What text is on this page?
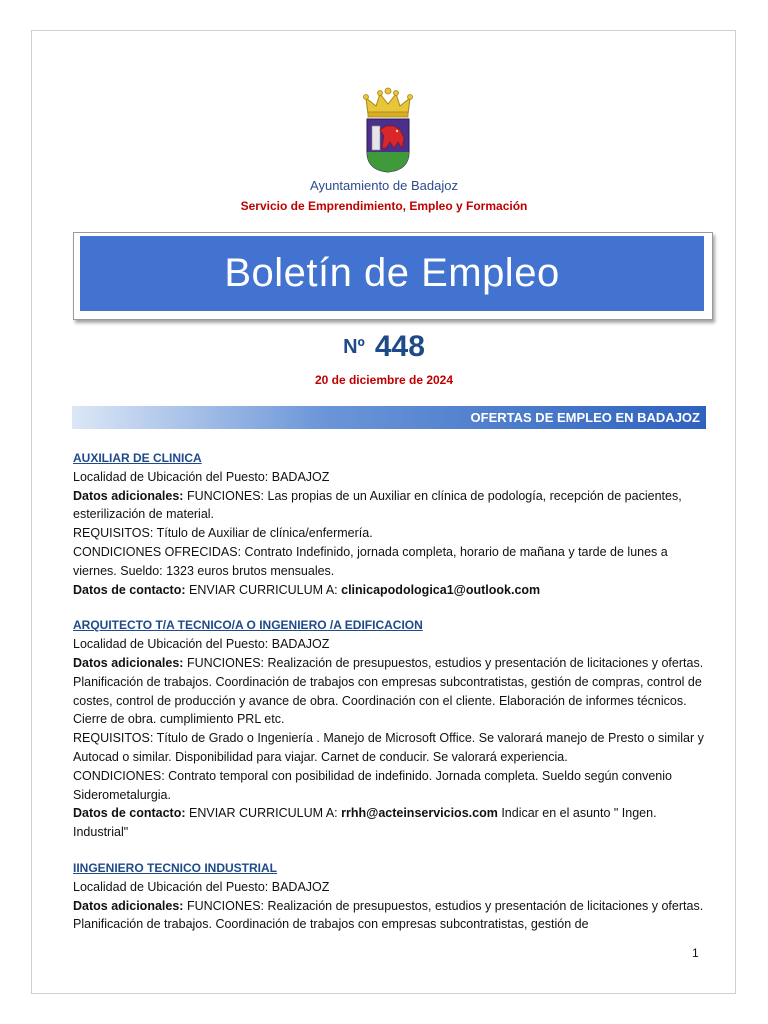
Ayuntamiento de Badajoz
Servicio de Emprendimiento, Empleo y Formación
Boletín de Empleo
Nº 448
20 de diciembre de 2024
OFERTAS DE EMPLEO EN BADAJOZ
AUXILIAR DE CLINICA
Localidad de Ubicación del Puesto: BADAJOZ
Datos adicionales: FUNCIONES: Las propias de un Auxiliar en clínica de podología, recepción de pacientes, esterilización de material.
REQUISITOS: Título de Auxiliar de clínica/enfermería.
CONDICIONES OFRECIDAS: Contrato Indefinido, jornada completa, horario de mañana y tarde de lunes a viernes. Sueldo: 1323 euros brutos mensuales.
Datos de contacto: ENVIAR CURRICULUM A: clinicapodologica1@outlook.com
ARQUITECTO T/A TECNICO/A O INGENIERO /A EDIFICACION
Localidad de Ubicación del Puesto: BADAJOZ
Datos adicionales: FUNCIONES: Realización de presupuestos, estudios y presentación de licitaciones y ofertas. Planificación de trabajos. Coordinación de trabajos con empresas subcontratistas, gestión de compras, control de costes, control de producción y avance de obra. Coordinación con el cliente. Elaboración de informes técnicos. Cierre de obra. cumplimiento PRL etc.
REQUISITOS: Título de Grado o Ingeniería . Manejo de Microsoft Office. Se valorará manejo de Presto o similar y Autocad o similar. Disponibilidad para viajar. Carnet de conducir. Se valorará experiencia.
CONDICIONES: Contrato temporal con posibilidad de indefinido. Jornada completa. Sueldo según convenio Siderometalurgia.
Datos de contacto: ENVIAR CURRICULUM A: rrhh@acteinservicios.com Indicar en el asunto " Ingen. Industrial"
IINGENIERO TECNICO INDUSTRIAL
Localidad de Ubicación del Puesto: BADAJOZ
Datos adicionales: FUNCIONES: Realización de presupuestos, estudios y presentación de licitaciones y ofertas. Planificación de trabajos. Coordinación de trabajos con empresas subcontratistas, gestión de
1
